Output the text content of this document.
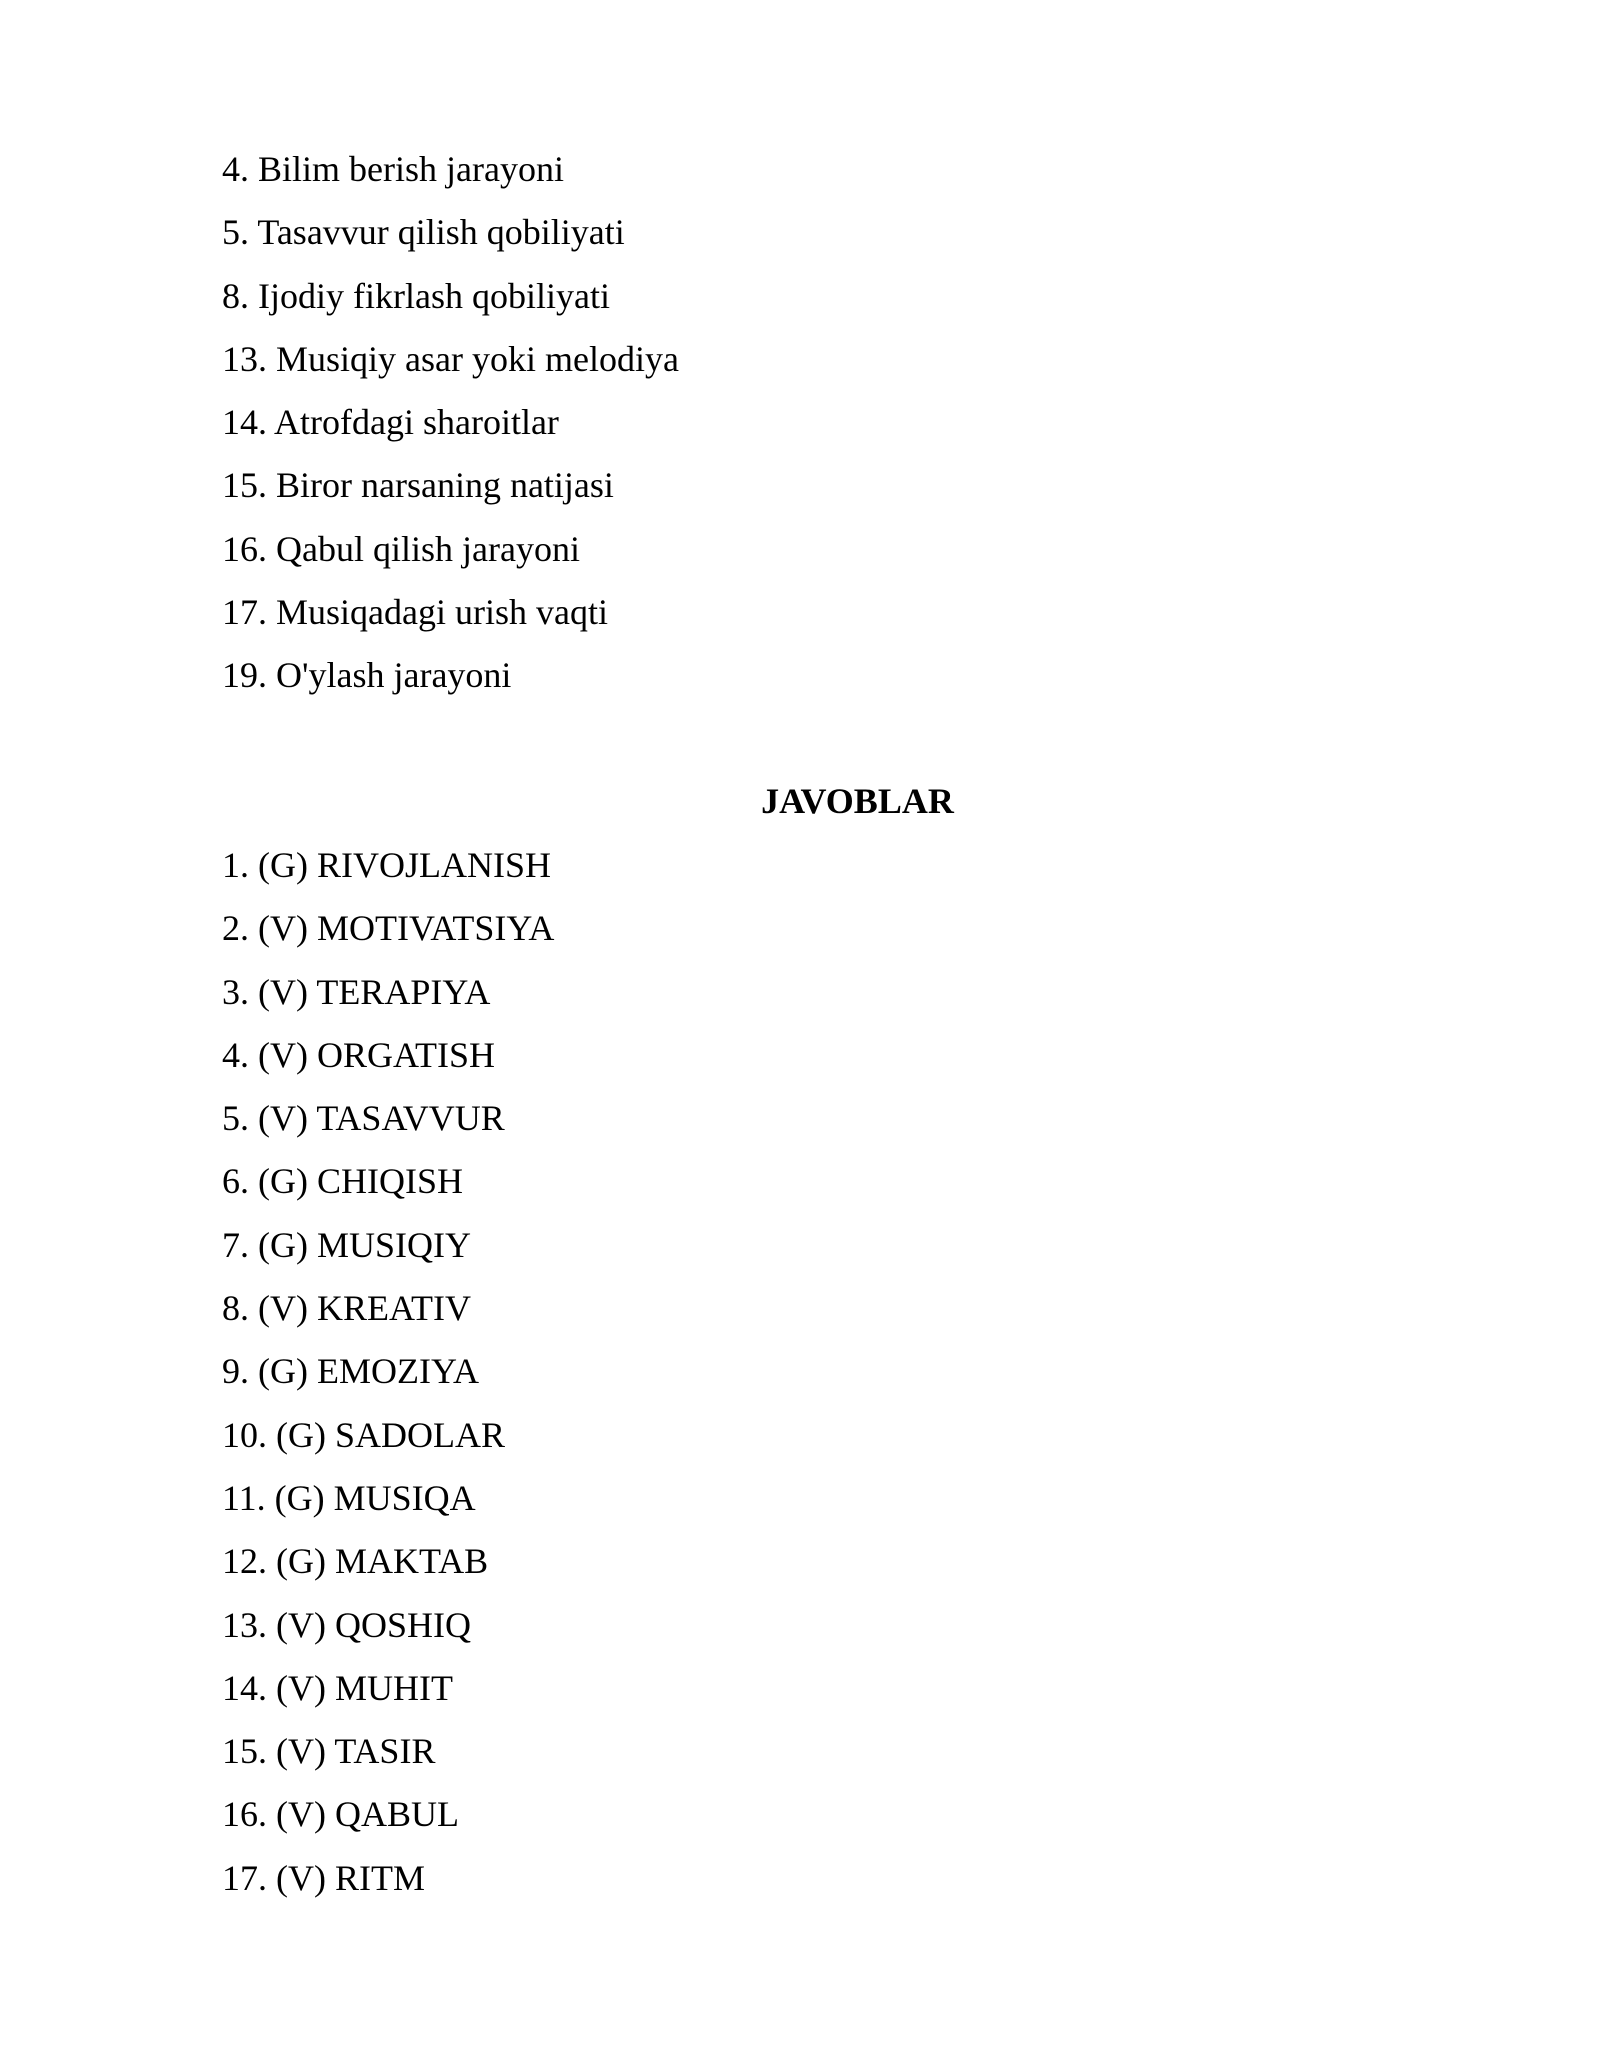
4. Bilim berish jarayoni
5. Tasavvur qilish qobiliyati
8. Ijodiy fikrlash qobiliyati
13. Musiqiy asar yoki melodiya
14. Atrofdagi sharoitlar
15. Biror narsaning natijasi
16. Qabul qilish jarayoni
17. Musiqadagi urish vaqti
19. O'ylash jarayoni
JAVOBLAR
1. (G) RIVOJLANISH
2. (V) MOTIVATSIYA
3. (V) TERAPIYA
4. (V) ORGATISH
5. (V) TASAVVUR
6. (G) CHIQISH
7. (G) MUSIQIY
8. (V) KREATIV
9. (G) EMOZIYA
10. (G) SADOLAR
11. (G) MUSIQA
12. (G) MAKTAB
13. (V) QOSHIQ
14. (V) MUHIT
15. (V) TASIR
16. (V) QABUL
17. (V) RITM
